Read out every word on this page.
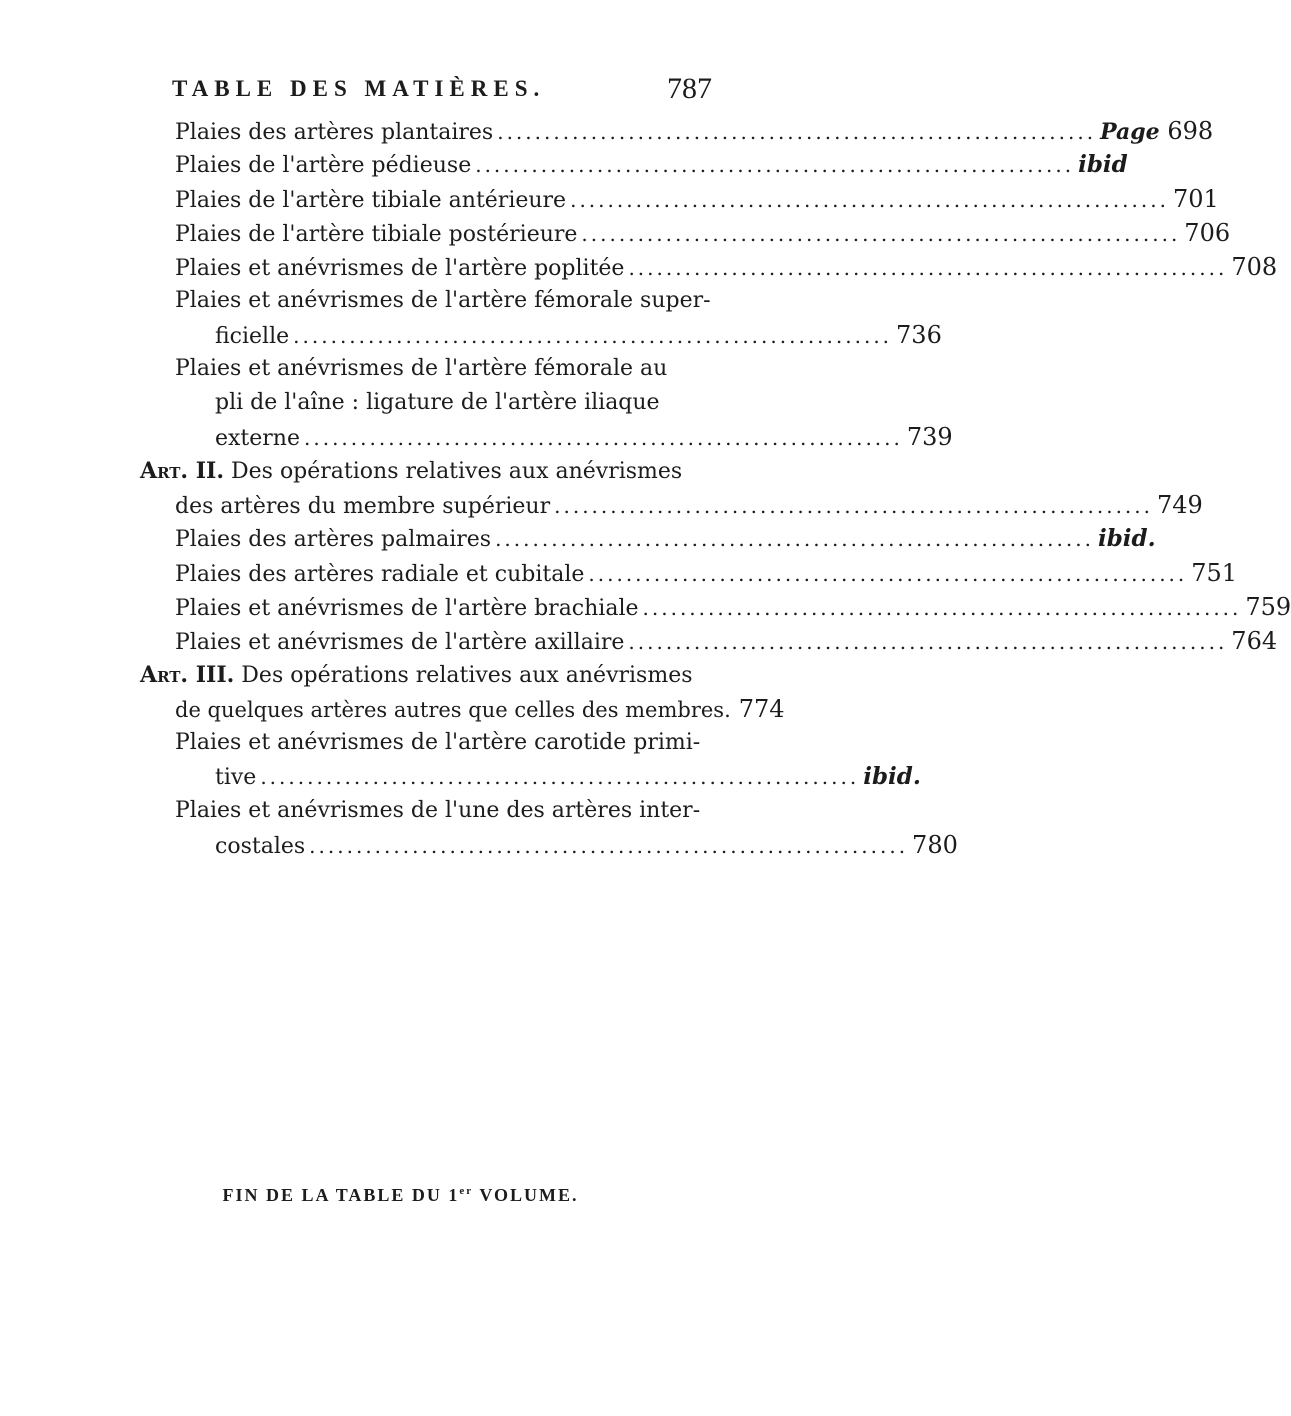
TABLE DES MATIÈRES.	787
Plaies des artères plantaires ................................................................ Page 698
Plaies de l'artère pédieuse ................................................................ ibid
Plaies de l'artère tibiale antérieure ................................................................ 701
Plaies de l'artère tibiale postérieure ................................................................ 706
Plaies et anévrismes de l'artère poplitée ................................................................ 708
Plaies et anévrismes de l'artère fémorale super-
ficielle ................................................................ 736
Plaies et anévrismes de l'artère fémorale au
pli de l'aîne : ligature de l'artère iliaque
externe ................................................................ 739
Art. II. Des opérations relatives aux anévrismes
des artères du membre supérieur ................................................................ 749
Plaies des artères palmaires ................................................................ ibid.
Plaies des artères radiale et cubitale ................................................................ 751
Plaies et anévrismes de l'artère brachiale ................................................................ 759
Plaies et anévrismes de l'artère axillaire ................................................................ 764
Art. III. Des opérations relatives aux anévrismes
de quelques artères autres que celles des membres. 774
Plaies et anévrismes de l'artère carotide primi-
tive ................................................................ ibid.
Plaies et anévrismes de l'une des artères inter-
costales ................................................................ 780
FIN DE LA TABLE DU 1er VOLUME.
